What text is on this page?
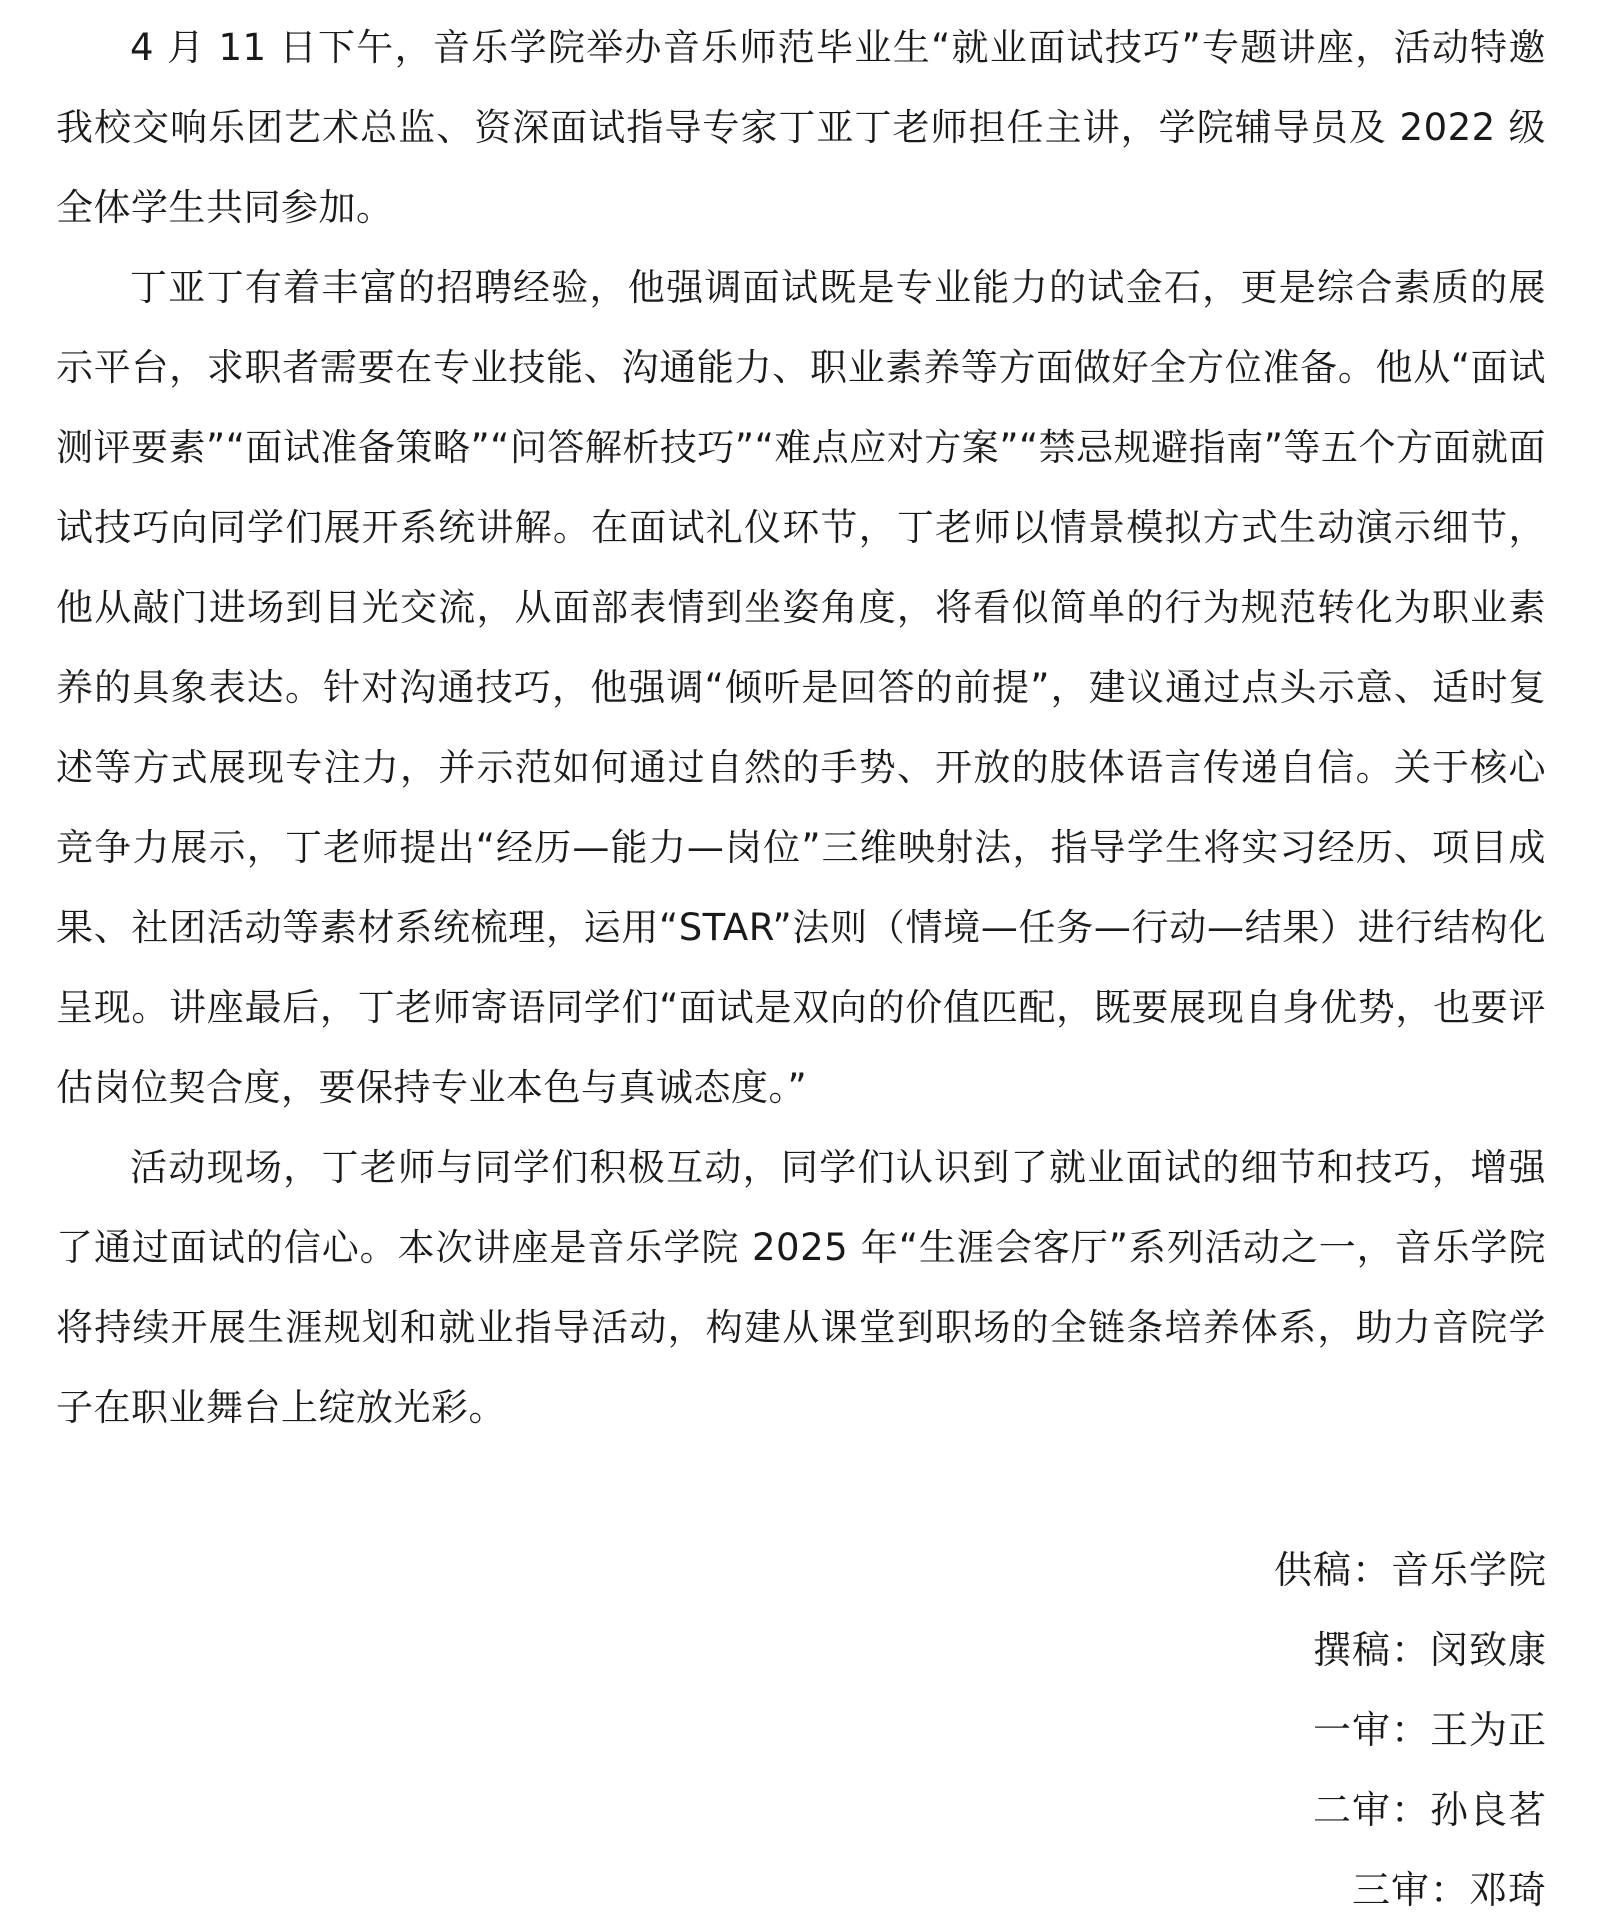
4 月 11 日下午，音乐学院举办音乐师范毕业生“就业面试技巧”专题讲座，活动特邀我校交响乐团艺术总监、资深面试指导专家丁亚丁老师担任主讲，学院辅导员及 2022 级全体学生共同参加。

丁亚丁有着丰富的招聘经验，他强调面试既是专业能力的试金石，更是综合素质的展示平台，求职者需要在专业技能、沟通能力、职业素养等方面做好全方位准备。他从“面试测评要素”“面试准备策略”“问答解析技巧”“难点应对方案”“禁忌规避指南”等五个方面就面试技巧向同学们展开系统讲解。在面试礼仪环节，丁老师以情景模拟方式生动演示细节，他从敲门进场到目光交流，从面部表情到坐姿角度，将看似简单的行为规范转化为职业素养的具象表达。针对沟通技巧，他强调“倾听是回答的前提”，建议通过点头示意、适时复述等方式展现专注力，并示范如何通过自然的手势、开放的肢体语言传递自信。关于核心竞争力展示，丁老师提出“经历—能力—岗位”三维映射法，指导学生将实习经历、项目成果、社团活动等素材系统梳理，运用“STAR”法则（情境—任务—行动—结果）进行结构化呈现。讲座最后，丁老师寄语同学们“面试是双向的价值匹配，既要展现自身优势，也要评估岗位契合度，要保持专业本色与真诚态度。”

活动现场，丁老师与同学们积极互动，同学们认识到了就业面试的细节和技巧，增强了通过面试的信心。本次讲座是音乐学院 2025 年“生涯会客厅”系列活动之一，音乐学院将持续开展生涯规划和就业指导活动，构建从课堂到职场的全链条培养体系，助力音院学子在职业舞台上绽放光彩。

供稿：音乐学院
撰稿：闵致康
一审：王为正
二审：孙良茗
三审：邓琦
